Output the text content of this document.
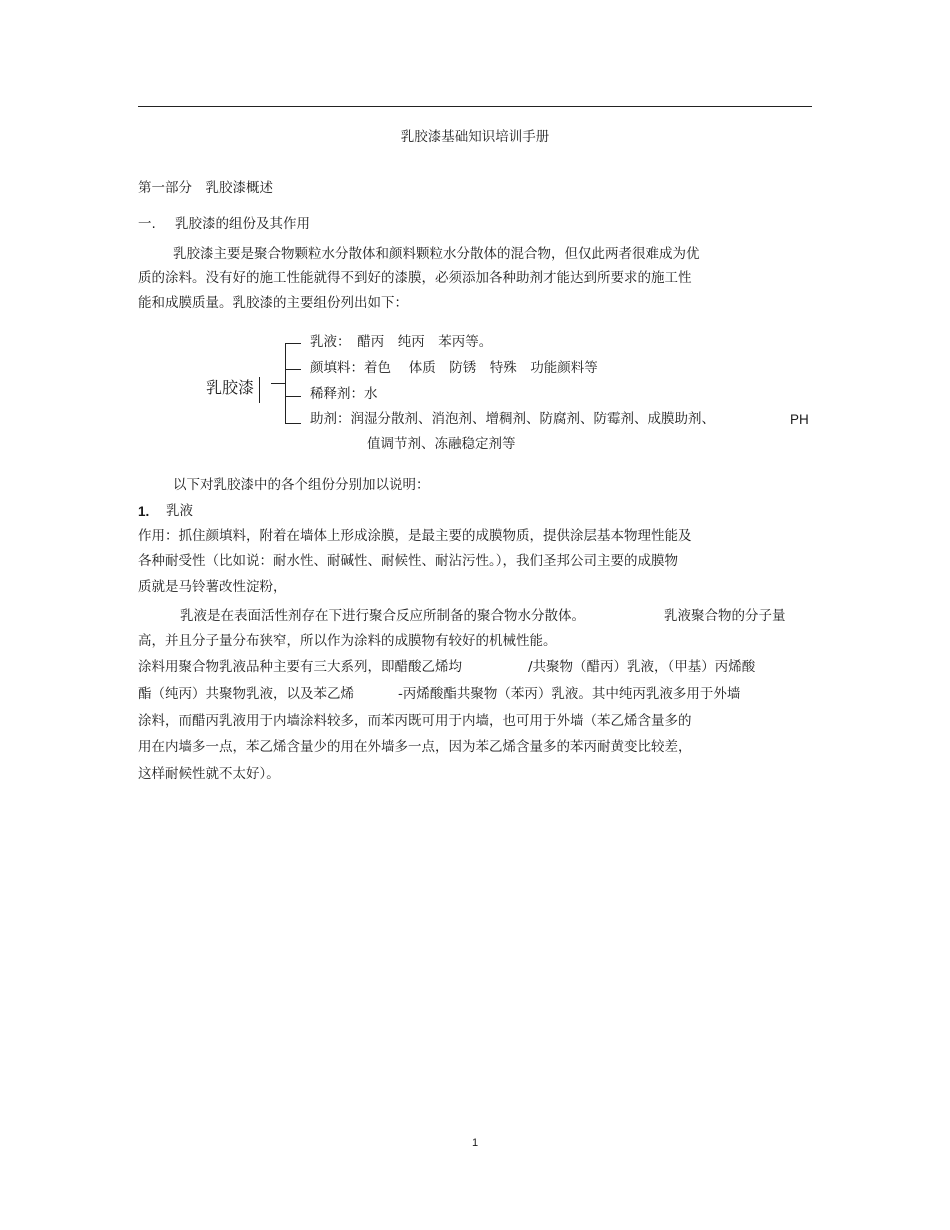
乳胶漆基础知识培训手册
第一部分　乳胶漆概述
一. 乳胶漆的组份及其作用
乳胶漆主要是聚合物颗粒水分散体和颜料颗粒水分散体的混合物，但仅此两者很难成为优
质的涂料。没有好的施工性能就得不到好的漆膜，必须添加各种助剂才能达到所要求的施工性
能和成膜质量。乳胶漆的主要组份列出如下：
乳胶漆
乳液：　醋丙　纯丙　苯丙等。
颜填料：着色　 体质　防锈　特殊　功能颜料等
稀释剂：水
助剂：润湿分散剂、消泡剂、增稠剂、防腐剂、防霉剂、成膜助剂、	PH
值调节剂、冻融稳定剂等
以下对乳胶漆中的各个组份分别加以说明：
1. 乳液
作用：抓住颜填料，附着在墙体上形成涂膜，是最主要的成膜物质，提供涂层基本物理性能及
各种耐受性（比如说：耐水性、耐碱性、耐候性、耐沾污性。），我们圣邦公司主要的成膜物
质就是马铃薯改性淀粉，
乳液是在表面活性剂存在下进行聚合反应所制备的聚合物水分散体。	乳液聚合物的分子量
高，并且分子量分布狭窄，所以作为涂料的成膜物有较好的机械性能。
涂料用聚合物乳液品种主要有三大系列，即醋酸乙烯均	/共聚物（醋丙）乳液，（甲基）丙烯酸
酯（纯丙）共聚物乳液，以及苯乙烯	-丙烯酸酯共聚物（苯丙）乳液。其中纯丙乳液多用于外墙
涂料，而醋丙乳液用于内墙涂料较多，而苯丙既可用于内墙，也可用于外墙（苯乙烯含量多的
用在内墙多一点，苯乙烯含量少的用在外墙多一点，因为苯乙烯含量多的苯丙耐黄变比较差，
这样耐候性就不太好）。
1
